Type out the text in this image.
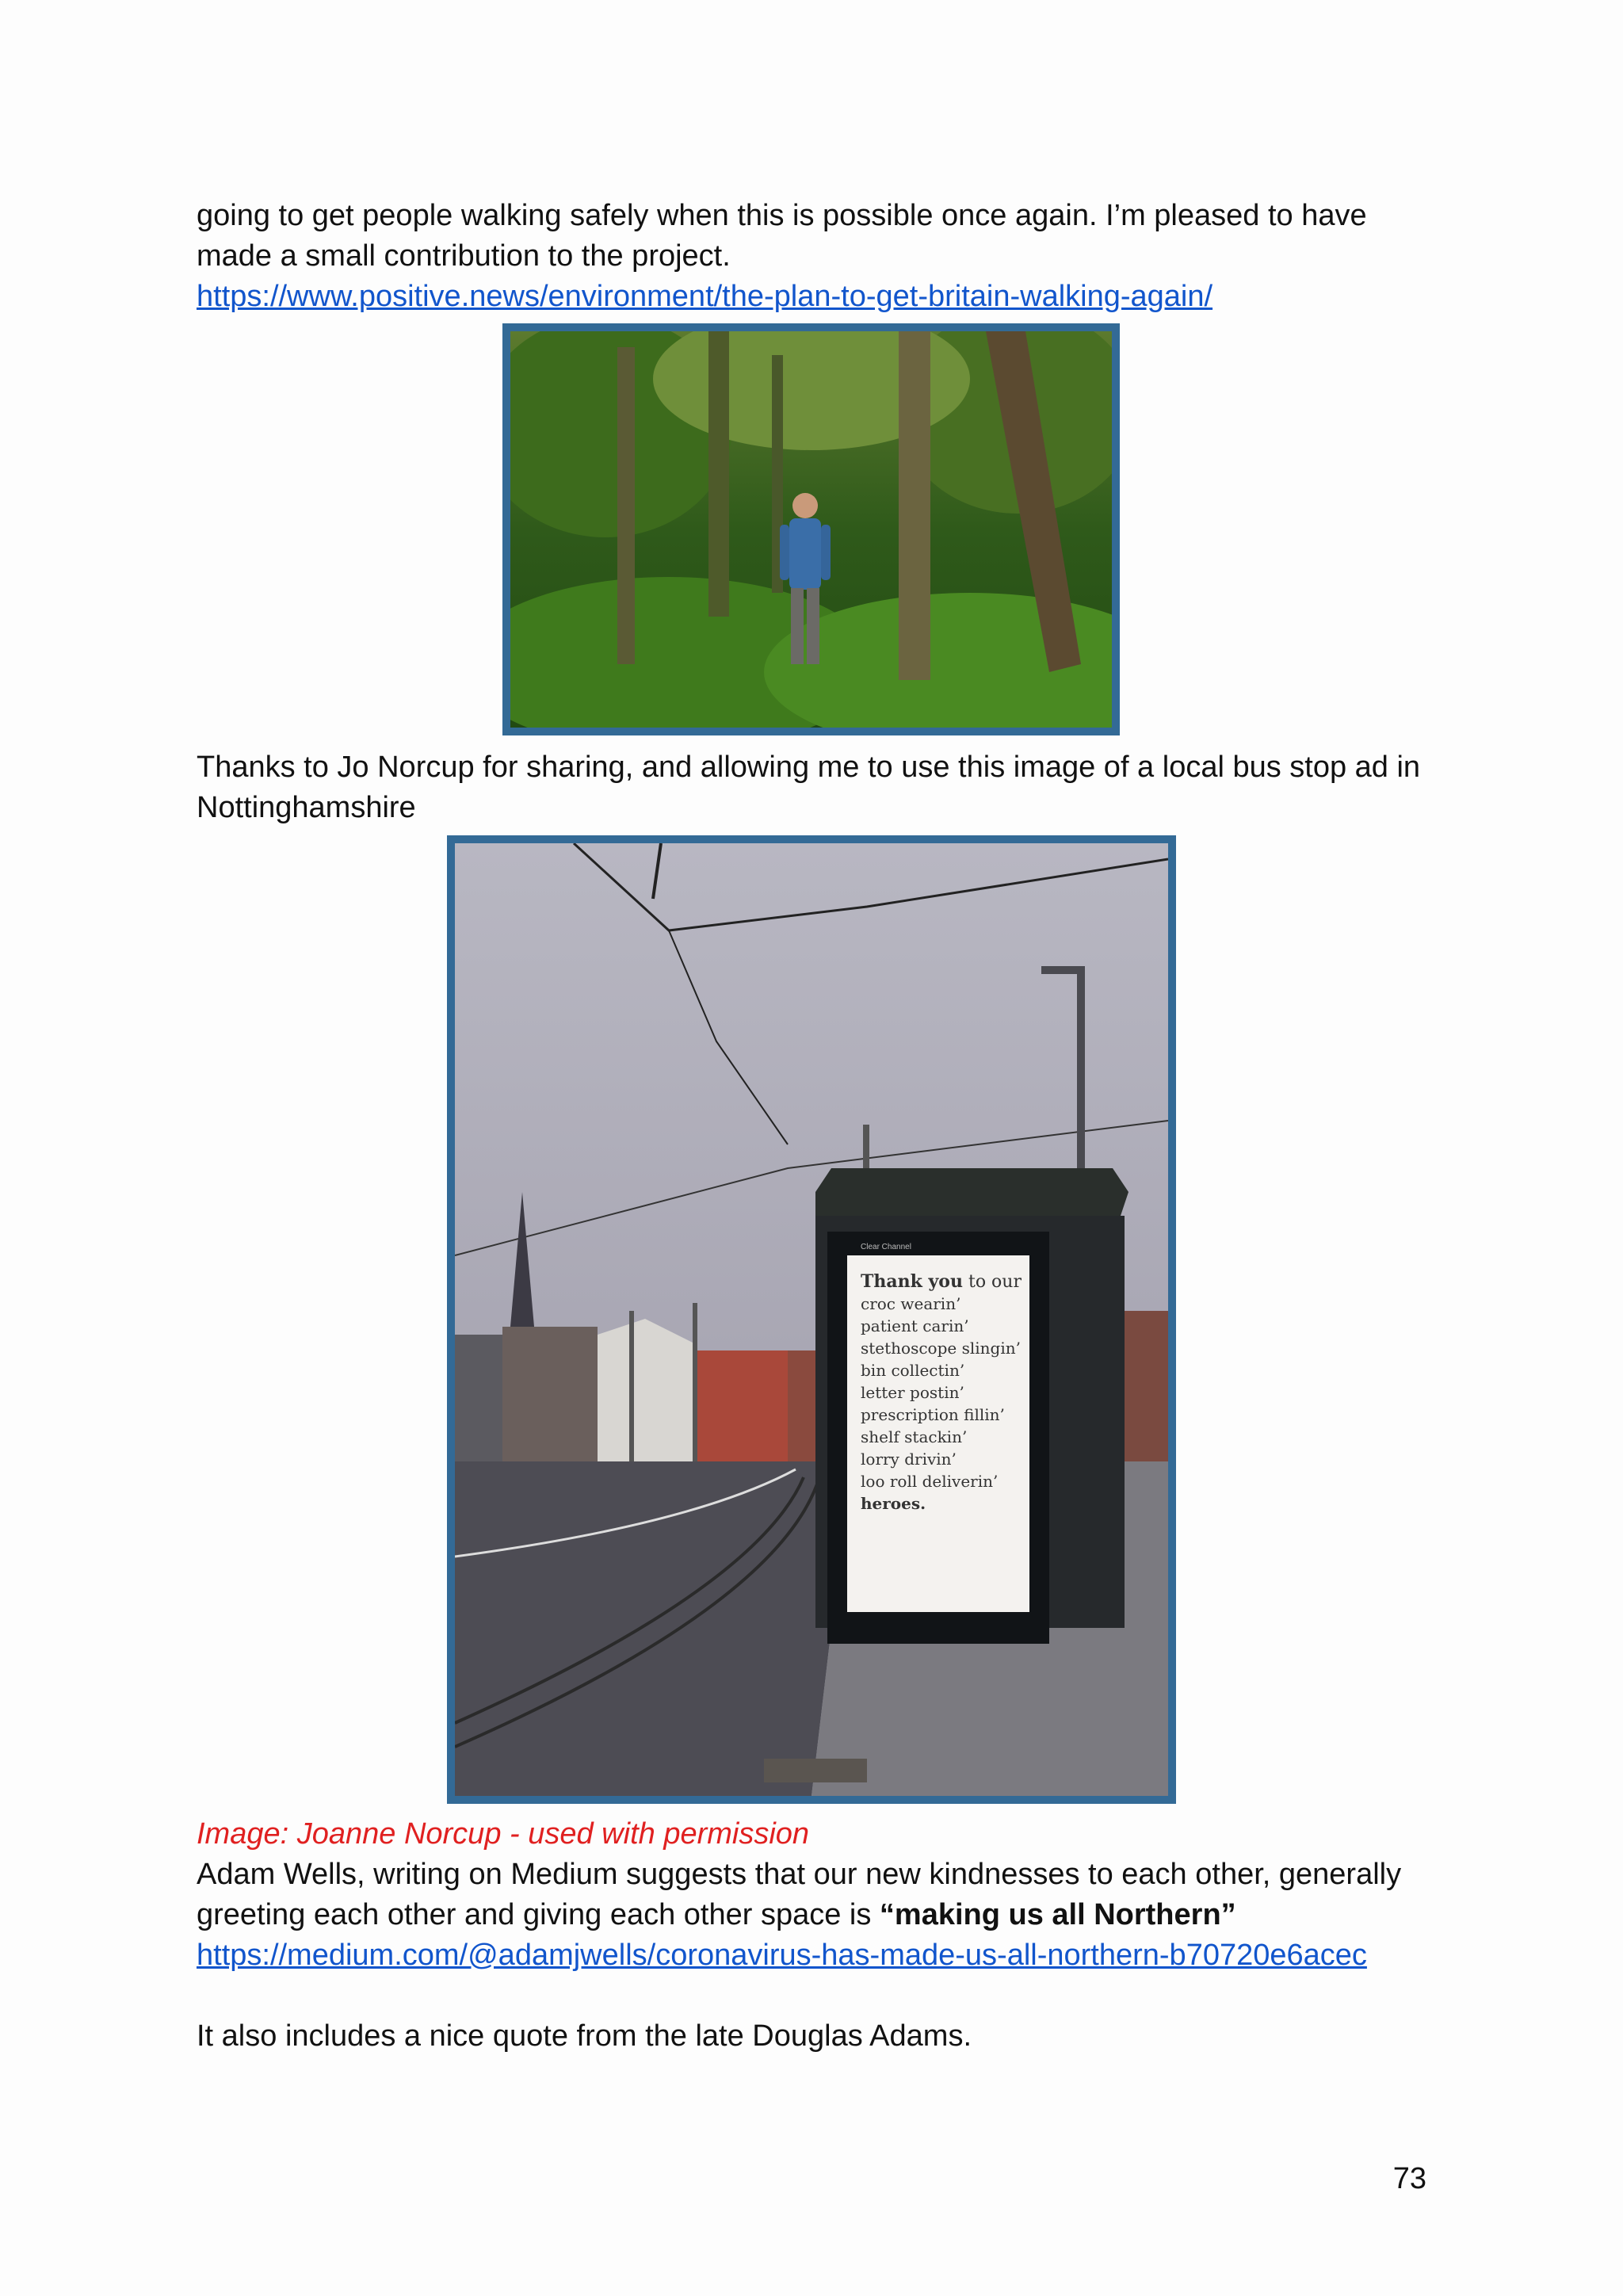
going to get people walking safely when this is possible once again. I’m pleased to have

made a small contribution to the project.

https://www.positive.news/environment/the-plan-to-get-britain-walking-again/

Thanks to Jo Norcup for sharing, and allowing me to use this image of a local bus stop ad in

Nottinghamshire

Clear Channel
Thank you to our
croc wearin’
patient carin’
stethoscope slingin’
bin collectin’
letter postin’
prescription fillin’
shelf stackin’
lorry drivin’
loo roll deliverin’
heroes.
Image: Joanne Norcup - used with permission

Adam Wells, writing on Medium suggests that our new kindnesses to each other, generally

greeting each other and giving each other space is “making us all Northern”

https://medium.com/@adamjwells/coronavirus-has-made-us-all-northern-b70720e6acec

It also includes a nice quote from the late Douglas Adams.

73
